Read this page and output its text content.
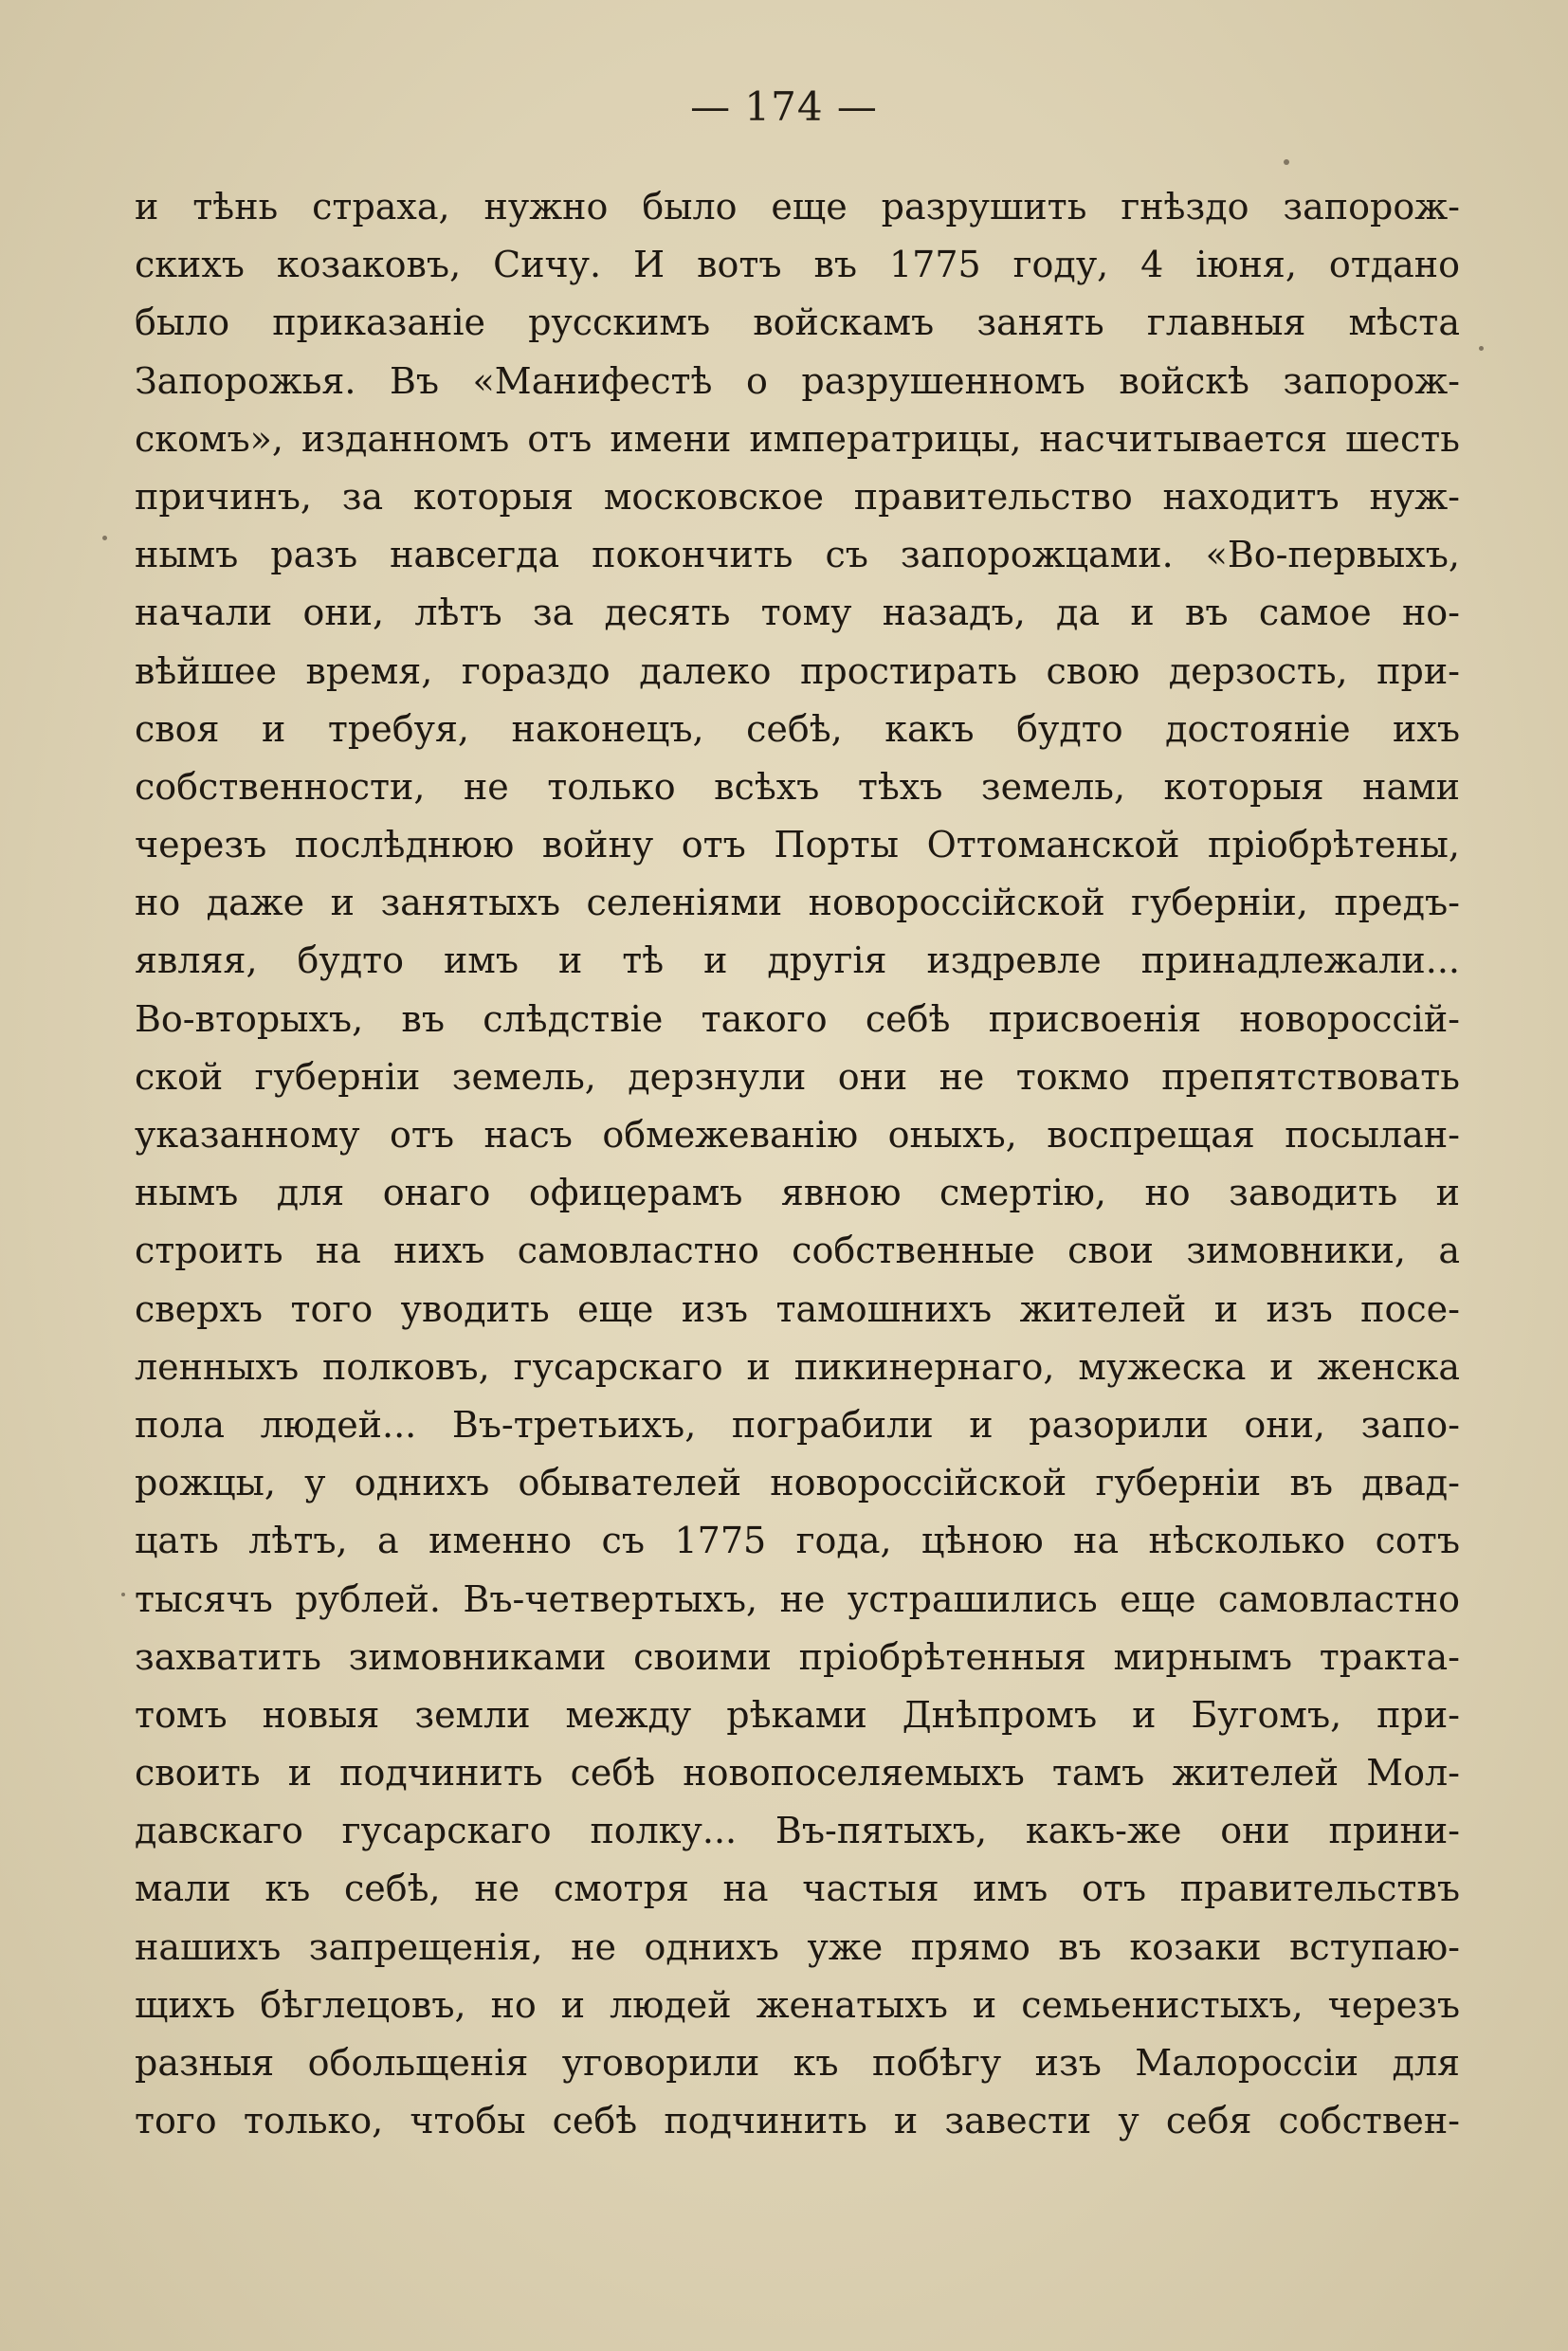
— 174 —
и тѣнь страха, нужно было еще разрушить гнѣздо запорож-
скихъ козаковъ, Сичу. И вотъ въ 1775 году, 4 iюня, отдано
было приказанiе русскимъ войскамъ занять главныя мѣста
Запорожья. Въ «Манифестѣ о разрушенномъ войскѣ запорож-
скомъ», изданномъ отъ имени императрицы, насчитывается шесть
причинъ, за которыя московское правительство находитъ нуж-
нымъ разъ навсегда покончить съ запорожцами. «Во-первыхъ,
начали они, лѣтъ за десять тому назадъ, да и въ самое но-
вѣйшее время, гораздо далеко простирать свою дерзость, при-
своя и требуя, наконецъ, себѣ, какъ будто достоянiе ихъ
собственности, не только всѣхъ тѣхъ земель, которыя нами
черезъ послѣднюю войну отъ Порты Оттоманской прiобрѣтены,
но даже и занятыхъ селенiями новороссiйской губернiи, предъ-
являя, будто имъ и тѣ и другiя издревле принадлежали...
Во-вторыхъ, въ слѣдствiе такого себѣ присвоенiя новороссiй-
ской губернiи земель, дерзнули они не токмо препятствовать
указанному отъ насъ обмежеванiю оныхъ, воспрещая посылан-
нымъ для онаго офицерамъ явною смертiю, но заводить и
строить на нихъ самовластно собственные свои зимовники, а
сверхъ того уводить еще изъ тамошнихъ жителей и изъ посе-
ленныхъ полковъ, гусарскаго и пикинернаго, мужеска и женска
пола людей... Въ-третьихъ, пограбили и разорили они, запо-
рожцы, у однихъ обывателей новороссiйской губернiи въ двад-
цать лѣтъ, а именно съ 1775 года, цѣною на нѣсколько сотъ
тысячъ рублей. Въ-четвертыхъ, не устрашились еще самовластно
захватить зимовниками своими прiобрѣтенныя мирнымъ тракта-
томъ новыя земли между рѣками Днѣпромъ и Бугомъ, при-
своить и подчинить себѣ новопоселяемыхъ тамъ жителей Мол-
давскаго гусарскаго полку... Въ-пятыхъ, какъ-же они прини-
мали къ себѣ, не смотря на частыя имъ отъ правительствъ
нашихъ запрещенiя, не однихъ уже прямо въ козаки вступаю-
щихъ бѣглецовъ, но и людей женатыхъ и семьенистыхъ, черезъ
разныя обольщенiя уговорили къ побѣгу изъ Малороссiи для
того только, чтобы себѣ подчинить и завести у себя собствен-
